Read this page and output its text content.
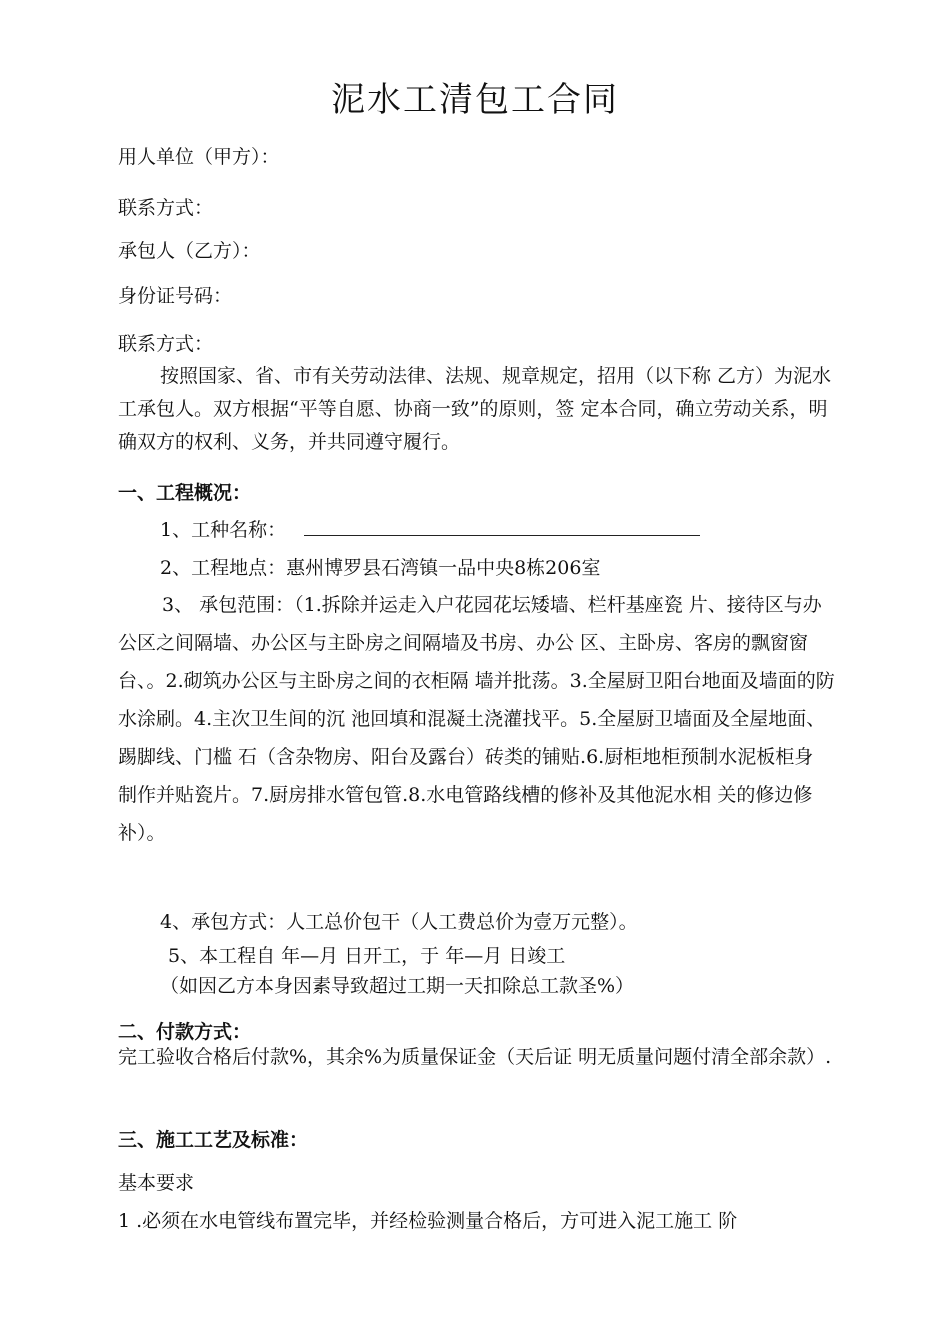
泥水工清包工合同
用人单位（甲方）：
联系方式：
承包人（乙方）：
身份证号码：
联系方式：
按照国家、省、市有关劳动法律、法规、规章规定，招用（以下称 乙方）为泥水工承包人。双方根据“平等自愿、协商一致”的原则，签 定本合同，确立劳动关系，明确双方的权利、义务，并共同遵守履行。
一、工程概况：
1、工种名称：
2、工程地点：惠州博罗县石湾镇一品中央8栋206室
3、 承包范围：（1.拆除并运走入户花园花坛矮墙、栏杆基座瓷 片、接待区与办公区之间隔墙、办公区与主卧房之间隔墙及书房、办公 区、主卧房、客房的飘窗窗台、。2.砌筑办公区与主卧房之间的衣柜隔 墙并批荡。3.全屋厨卫阳台地面及墙面的防水涂刷。4.主次卫生间的沉 池回填和混凝土浇灌找平。5.全屋厨卫墙面及全屋地面、踢脚线、门槛 石（含杂物房、阳台及露台）砖类的铺贴.6.厨柜地柜预制水泥板柜身 制作并贴瓷片。7.厨房排水管包管.8.水电管路线槽的修补及其他泥水相 关的修边修补）。
4、承包方式：人工总价包干（人工费总价为壹万元整）。
5、本工程自 年—月 日开工，于 年—月 日竣工
（如因乙方本身因素导致超过工期一天扣除总工款圣%）
二、付款方式：
完工验收合格后付款%，其余%为质量保证金（天后证 明无质量问题付清全部余款）.
三、施工工艺及标准：
基本要求
1 .必须在水电管线布置完毕，并经检验测量合格后，方可进入泥工施工 阶
